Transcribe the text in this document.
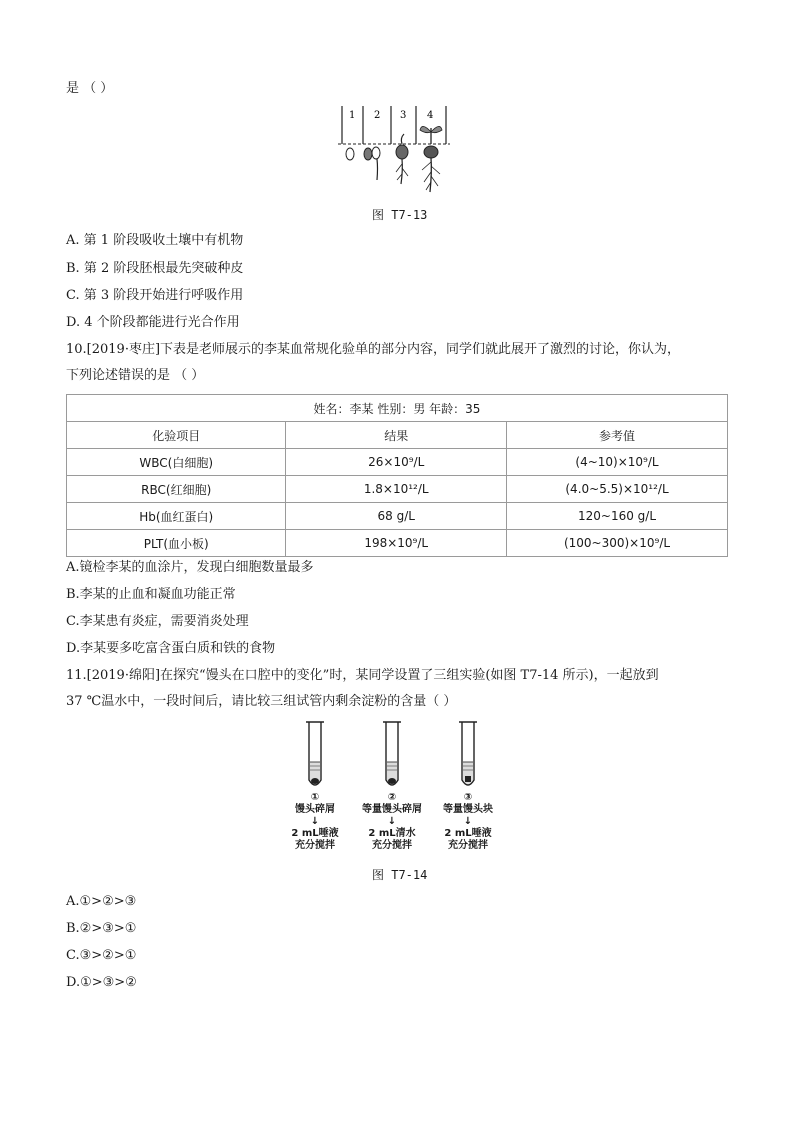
是 （ ）
1 2 3 4
图 T7-13
A. 第 1 阶段吸收土壤中有机物
B. 第 2 阶段胚根最先突破种皮
C. 第 3 阶段开始进行呼吸作用
D. 4 个阶段都能进行光合作用
10.[2019·枣庄]下表是老师展示的李某血常规化验单的部分内容，同学们就此展开了激烈的讨论，你认为，
下列论述错误的是 （ ）
姓名：李某 性别：男 年龄：35		
化验项目	结果	参考值
WBC(白细胞)	26×10⁹/L	(4~10)×10⁹/L
RBC(红细胞)	1.8×10¹²/L	(4.0~5.5)×10¹²/L
Hb(血红蛋白)	68 g/L	120~160 g/L
PLT(血小板)	198×10⁹/L	(100~300)×10⁹/L
A.镜检李某的血涂片，发现白细胞数量最多
B.李某的止血和凝血功能正常
C.李某患有炎症，需要消炎处理
D.李某要多吃富含蛋白质和铁的食物
11.[2019·绵阳]在探究“馒头在口腔中的变化”时，某同学设置了三组实验(如图 T7-14 所示)，一起放到
37 ℃温水中，一段时间后，请比较三组试管内剩余淀粉的含量（ ）
①
馒头碎屑
↓
2 mL唾液
充分搅拌
②
等量馒头碎屑
↓
2 mL清水
充分搅拌
③
等量馒头块
↓
2 mL唾液
充分搅拌
图 T7-14
A.①>②>③
B.②>③>①
C.③>②>①
D.①>③>②
